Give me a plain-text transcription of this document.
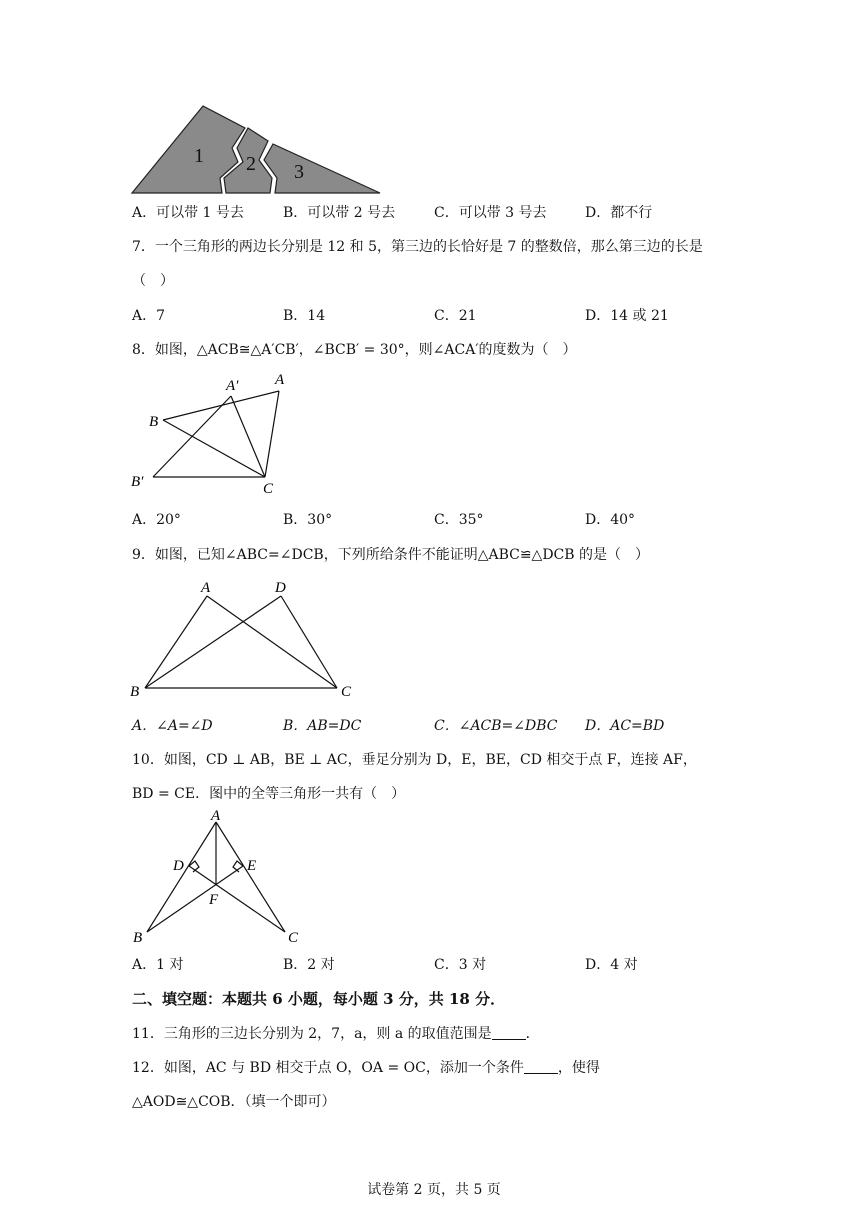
1 2 3
A．可以带 1 号去	B．可以带 2 号去	C．可以带 3 号去	D．都不行
7．一个三角形的两边长分别是 12 和 5，第三边的长恰好是 7 的整数倍，那么第三边的长是
（　）
A．7	B．14	C．21	D．14 或 21
8．如图，△ACB≅△A′CB′，∠BCB′ = 30°，则∠ACA′的度数为（　）
A′ A
B
B′	C
A．20°	B．30°	C．35°	D．40°
9．如图，已知∠ABC=∠DCB，下列所给条件不能证明△ABC≌△DCB 的是（　）
A	D
B	C
A．∠A=∠D	B．AB=DC	C．∠ACB=∠DBC D．AC=BD
10．如图，CD ⊥ AB，BE ⊥ AC，垂足分别为 D，E，BE，CD 相交于点 F，连接 AF，
BD = CE．图中的全等三角形一共有（　）
A
D	E
F
B	C
A．1 对	B．2 对	C．3 对	D．4 对
二、填空题：本题共 6 小题，每小题 3 分，共 18 分．
11．三角形的三边长分别为 2，7，a，则 a 的取值范围是 ．
12．如图，AC 与 BD 相交于点 O，OA = OC，添加一个条件 ，使得
△AOD≅△COB．（填一个即可）
试卷第 2 页，共 5 页
